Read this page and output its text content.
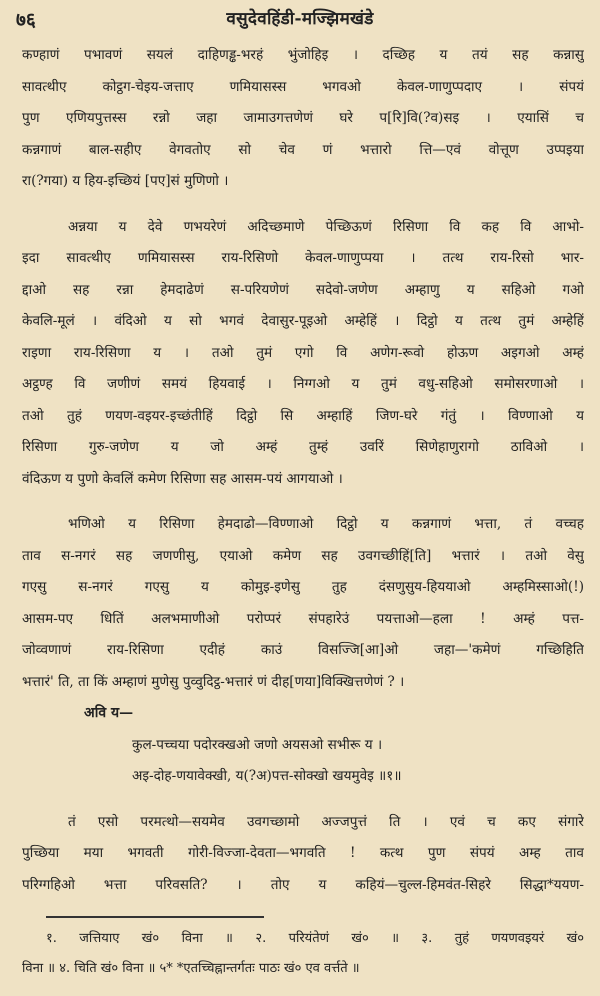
७६	वसुदेवहिंडी-मज्झिमखंडे
कण्हाणं पभावणं सयलं दाहिणड्ढ-भरहं भुंजोहिइ । दच्छिह य तयं सह कन्नासु
सावत्थीए कोट्ठग-चेइय-जत्ताए णमियासस्स भगवओ केवल-णाणुप्पदाए । संपयं
पुण एणियपुत्तस्स रन्नो जहा जामाउगत्तणेणं घरे प[रि]वि(?व)सइ । एयासिं च
कन्नगाणं बाल-सहीए वेगवतोए सो चेव णं भत्तारो त्ति—एवं वोत्तूण उप्पइया
रा(?गया) य हिय-इच्छियं [पए]सं मुणिणो ।
अन्नया य देवे णभयरेणं अदिच्छमाणे पेच्छिऊणं रिसिणा वि कह वि आभो-
इदा सावत्थीए णमियासस्स राय-रिसिणो केवल-णाणुप्पया । तत्थ राय-रिसो भार-
द्दाओ सह रन्ना हेमदाढेणं स-परियणेणं सदेवो-जणेण अम्हाणु य सहिओ गओ
केवलि-मूलं । वंदिओ य सो भगवं देवासुर-पूइओ अम्हेहिं । दिट्ठो य तत्थ तुमं अम्हेहिं
राइणा राय-रिसिणा य । तओ तुमं एगो वि अणेग-रूवो होऊण अइगओ अम्हं
अट्ठण्ह वि जणीणं समयं हियवाई । निग्गओ य तुमं वधु-सहिओ समोसरणाओ ।
तओ तुहं णयण-वइयर-इच्छंतीहिं दिट्ठो सि अम्हाहिं जिण-घरे गंतुं । विण्णाओ य
रिसिणा गुरु-जणेण य जो अम्हं तुम्हं उवरिं सिणेहाणुरागो ठाविओ ।
वंदिऊण य पुणो केवलिं कमेण रिसिणा सह आसम-पयं आगयाओ ।
भणिओ य रिसिणा हेमदाढो—विण्णाओ दिट्ठो य कन्नगाणं भत्ता, तं वच्चह
ताव स-नगरं सह जणणीसु, एयाओ कमेण सह उवगच्छीहिं[ति] भत्तारं । तओ वेसु
गएसु स-नगरं गएसु य कोमुइ-इणेसु तुह दंसणुसुय-हिययाओ अम्हमिस्साओ(!)
आसम-पए धितिं अलभमाणीओ परोप्परं संपहारेउं पयत्ताओ—हला ! अम्हं पत्त-
जोव्वणाणं राय-रिसिणा एदीहं काउं विसज्जि[आ]ओ जहा—'कमेणं गच्छिहिति
भत्तारं' ति, ता किं अम्हाणं मुणेसु पुव्वुदिट्ठ-भत्तारं णं दीह[णया]विक्खित्तणेणं ? ।
अवि य—
कुल-पच्चया पदोरक्खओ जणो अयसओ सभीरू य ।
अइ-दोह-णयावेक्खी, य(?अ)पत्त-सोक्खो खयमुवेइ ॥१॥
तं एसो परमत्थो—सयमेव उवगच्छामो अज्जपुत्तं ति । एवं च कए संगारे
पुच्छिया मया भगवती गोरी-विज्जा-देवता—भगवति ! कत्थ पुण संपयं अम्ह ताव
परिग्गहिओ भत्ता परिवसति? । तोए य कहियं—चुल्ल-हिमवंत-सिहरे सिद्धा*ययण-
१. जत्तियाए खं० विना ॥ २. परियंतेणं खं० ॥ ३. तुहं णयणवइयरं खं०
विना ॥ ४. चिति खं० विना ॥ ५* *एतच्चिह्नान्तर्गतः पाठः खं० एव वर्त्तते ॥
